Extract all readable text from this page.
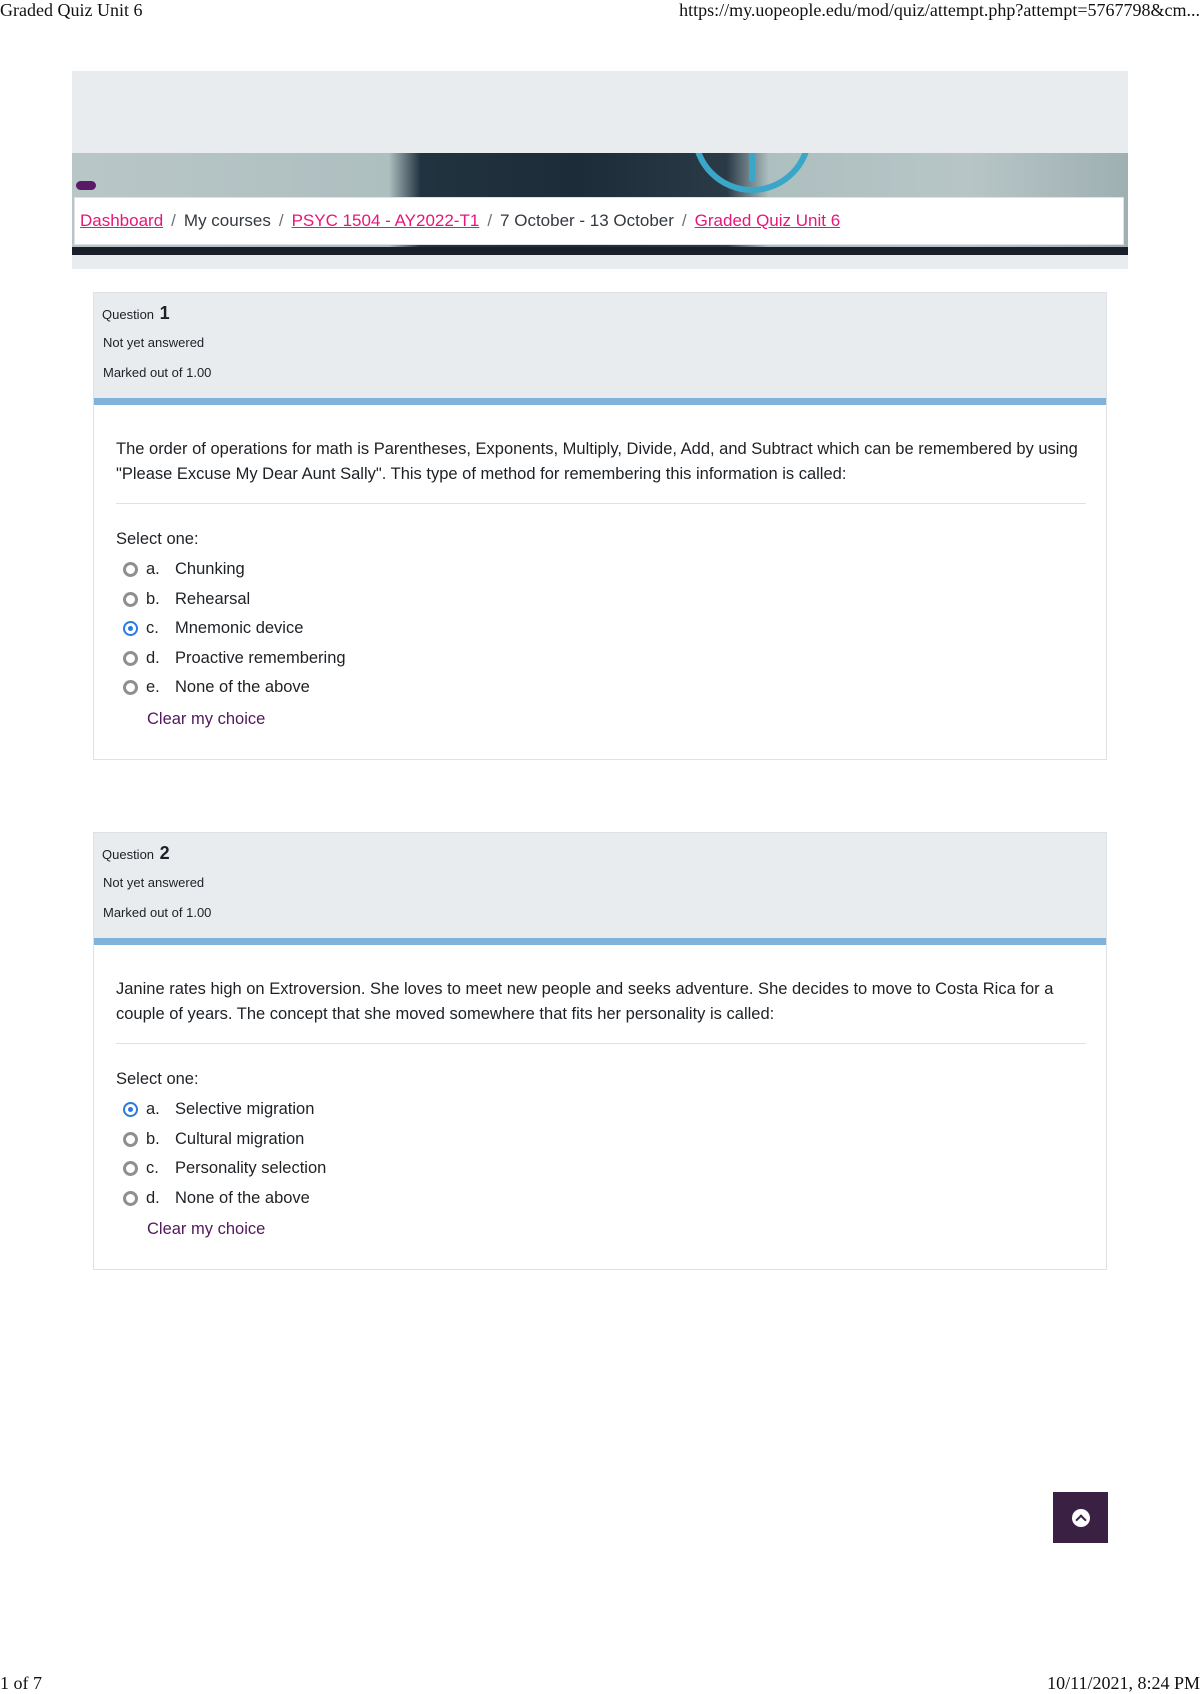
Graded Quiz Unit 6	https://my.uopeople.edu/mod/quiz/attempt.php?attempt=5767798&cm...
Dashboard / My courses / PSYC 1504 - AY2022-T1 / 7 October - 13 October / Graded Quiz Unit 6
Question 1
Not yet answered
Marked out of 1.00
The order of operations for math is Parentheses, Exponents, Multiply, Divide, Add, and Subtract which can be remembered by using "Please Excuse My Dear Aunt Sally". This type of method for remembering this information is called:
Select one:
a. Chunking
b. Rehearsal
c. Mnemonic device
d. Proactive remembering
e. None of the above
Clear my choice
Question 2
Not yet answered
Marked out of 1.00
Janine rates high on Extroversion. She loves to meet new people and seeks adventure. She decides to move to Costa Rica for a couple of years. The concept that she moved somewhere that fits her personality is called:
Select one:
a. Selective migration
b. Cultural migration
c. Personality selection
d. None of the above
Clear my choice
1 of 7	10/11/2021, 8:24 PM
